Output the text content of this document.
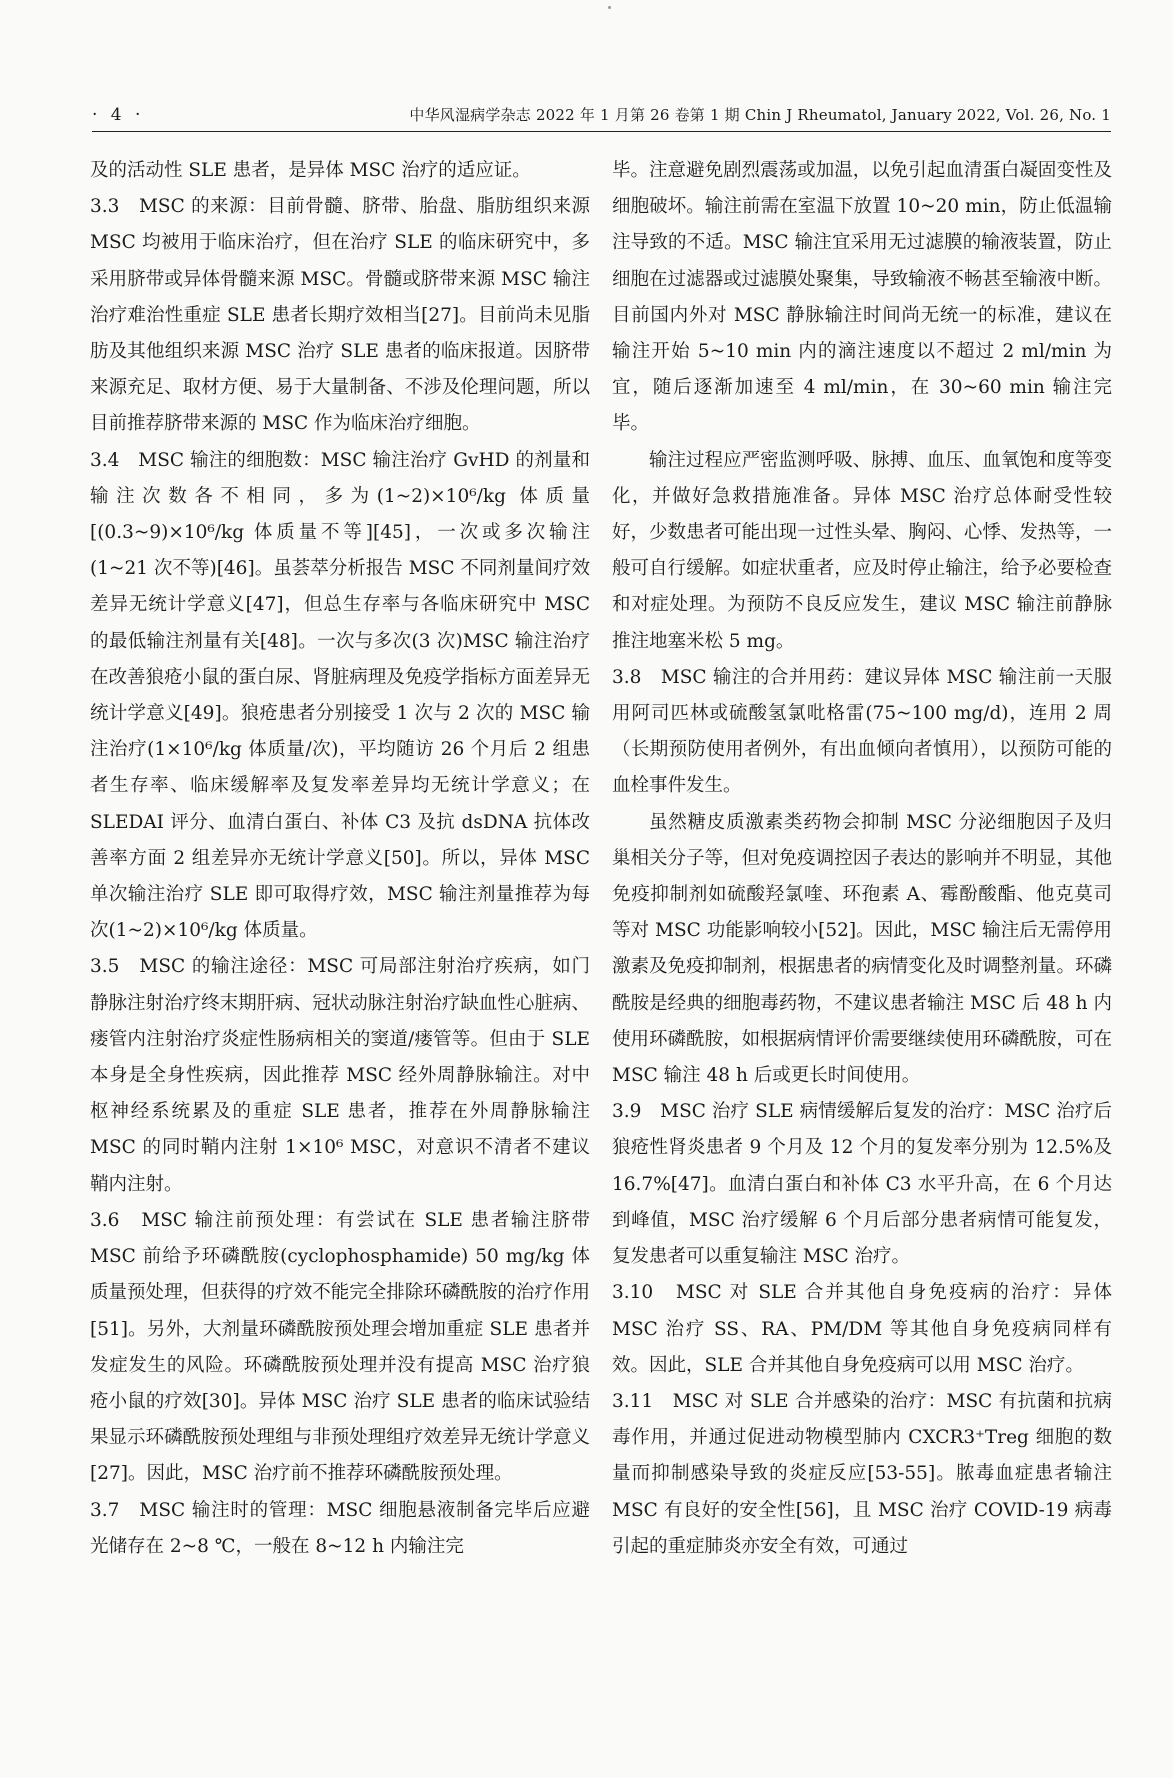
· 4 ·	中华风湿病学杂志 2022 年 1 月第 26 卷第 1 期 Chin J Rheumatol, January 2022, Vol. 26, No. 1

及的活动性 SLE 患者，是异体 MSC 治疗的适应证。

3.3　MSC 的来源：目前骨髓、脐带、胎盘、脂肪组织来源 MSC 均被用于临床治疗，但在治疗 SLE 的临床研究中，多采用脐带或异体骨髓来源 MSC。骨髓或脐带来源 MSC 输注治疗难治性重症 SLE 患者长期疗效相当[27]。目前尚未见脂肪及其他组织来源 MSC 治疗 SLE 患者的临床报道。因脐带来源充足、取材方便、易于大量制备、不涉及伦理问题，所以目前推荐脐带来源的 MSC 作为临床治疗细胞。

3.4　MSC 输注的细胞数：MSC 输注治疗 GvHD 的剂量和输注次数各不相同，多为(1~2)×10⁶/kg 体质量[(0.3~9)×10⁶/kg 体质量不等][45]，一次或多次输注(1~21 次不等)[46]。虽荟萃分析报告 MSC 不同剂量间疗效差异无统计学意义[47]，但总生存率与各临床研究中 MSC 的最低输注剂量有关[48]。一次与多次(3 次)MSC 输注治疗在改善狼疮小鼠的蛋白尿、肾脏病理及免疫学指标方面差异无统计学意义[49]。狼疮患者分别接受 1 次与 2 次的 MSC 输注治疗(1×10⁶/kg 体质量/次)，平均随访 26 个月后 2 组患者生存率、临床缓解率及复发率差异均无统计学意义；在 SLEDAI 评分、血清白蛋白、补体 C3 及抗 dsDNA 抗体改善率方面 2 组差异亦无统计学意义[50]。所以，异体 MSC 单次输注治疗 SLE 即可取得疗效，MSC 输注剂量推荐为每次(1~2)×10⁶/kg 体质量。

3.5　MSC 的输注途径：MSC 可局部注射治疗疾病，如门静脉注射治疗终末期肝病、冠状动脉注射治疗缺血性心脏病、瘘管内注射治疗炎症性肠病相关的窦道/瘘管等。但由于 SLE 本身是全身性疾病，因此推荐 MSC 经外周静脉输注。对中枢神经系统累及的重症 SLE 患者，推荐在外周静脉输注 MSC 的同时鞘内注射 1×10⁶ MSC，对意识不清者不建议鞘内注射。

3.6　MSC 输注前预处理：有尝试在 SLE 患者输注脐带 MSC 前给予环磷酰胺(cyclophosphamide) 50 mg/kg 体质量预处理，但获得的疗效不能完全排除环磷酰胺的治疗作用[51]。另外，大剂量环磷酰胺预处理会增加重症 SLE 患者并发症发生的风险。环磷酰胺预处理并没有提高 MSC 治疗狼疮小鼠的疗效[30]。异体 MSC 治疗 SLE 患者的临床试验结果显示环磷酰胺预处理组与非预处理组疗效差异无统计学意义[27]。因此，MSC 治疗前不推荐环磷酰胺预处理。

3.7　MSC 输注时的管理：MSC 细胞悬液制备完毕后应避光储存在 2~8 ℃，一般在 8~12 h 内输注完

毕。注意避免剧烈震荡或加温，以免引起血清蛋白凝固变性及细胞破坏。输注前需在室温下放置 10~20 min，防止低温输注导致的不适。MSC 输注宜采用无过滤膜的输液装置，防止细胞在过滤器或过滤膜处聚集，导致输液不畅甚至输液中断。目前国内外对 MSC 静脉输注时间尚无统一的标准，建议在输注开始 5~10 min 内的滴注速度以不超过 2 ml/min 为宜，随后逐渐加速至 4 ml/min，在 30~60 min 输注完毕。

输注过程应严密监测呼吸、脉搏、血压、血氧饱和度等变化，并做好急救措施准备。异体 MSC 治疗总体耐受性较好，少数患者可能出现一过性头晕、胸闷、心悸、发热等，一般可自行缓解。如症状重者，应及时停止输注，给予必要检查和对症处理。为预防不良反应发生，建议 MSC 输注前静脉推注地塞米松 5 mg。

3.8　MSC 输注的合并用药：建议异体 MSC 输注前一天服用阿司匹林或硫酸氢氯吡格雷(75~100 mg/d)，连用 2 周（长期预防使用者例外，有出血倾向者慎用），以预防可能的血栓事件发生。

虽然糖皮质激素类药物会抑制 MSC 分泌细胞因子及归巢相关分子等，但对免疫调控因子表达的影响并不明显，其他免疫抑制剂如硫酸羟氯喹、环孢素 A、霉酚酸酯、他克莫司等对 MSC 功能影响较小[52]。因此，MSC 输注后无需停用激素及免疫抑制剂，根据患者的病情变化及时调整剂量。环磷酰胺是经典的细胞毒药物，不建议患者输注 MSC 后 48 h 内使用环磷酰胺，如根据病情评价需要继续使用环磷酰胺，可在 MSC 输注 48 h 后或更长时间使用。

3.9　MSC 治疗 SLE 病情缓解后复发的治疗：MSC 治疗后狼疮性肾炎患者 9 个月及 12 个月的复发率分别为 12.5%及 16.7%[47]。血清白蛋白和补体 C3 水平升高，在 6 个月达到峰值，MSC 治疗缓解 6 个月后部分患者病情可能复发，复发患者可以重复输注 MSC 治疗。

3.10　MSC 对 SLE 合并其他自身免疫病的治疗：异体 MSC 治疗 SS、RA、PM/DM 等其他自身免疫病同样有效。因此，SLE 合并其他自身免疫病可以用 MSC 治疗。

3.11　MSC 对 SLE 合并感染的治疗：MSC 有抗菌和抗病毒作用，并通过促进动物模型肺内 CXCR3⁺Treg 细胞的数量而抑制感染导致的炎症反应[53-55]。脓毒血症患者输注 MSC 有良好的安全性[56]，且 MSC 治疗 COVID-19 病毒引起的重症肺炎亦安全有效，可通过
